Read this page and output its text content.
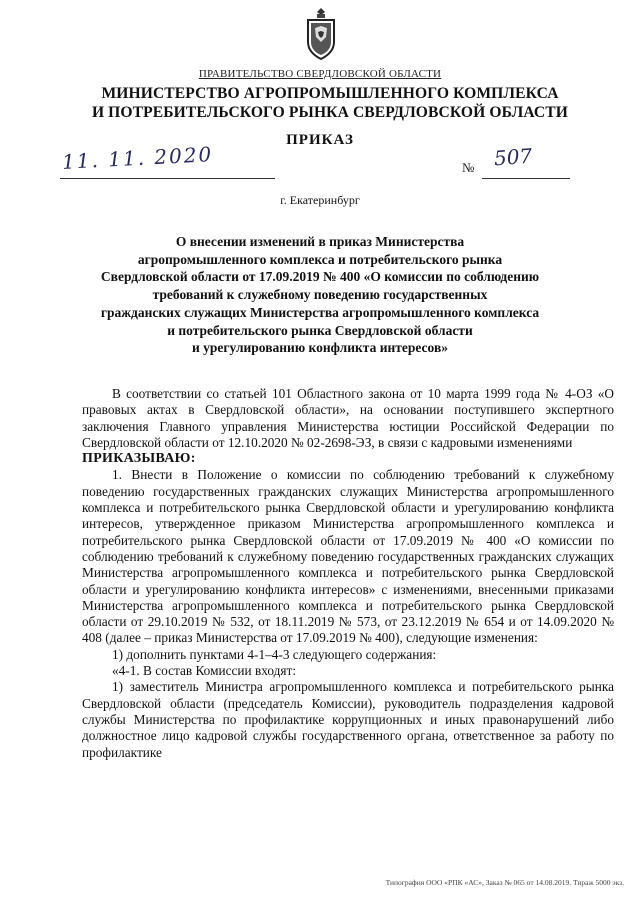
ПРАВИТЕЛЬСТВО СВЕРДЛОВСКОЙ ОБЛАСТИ
МИНИСТЕРСТВО АГРОПРОМЫШЛЕННОГО КОМПЛЕКСА
И ПОТРЕБИТЕЛЬСКОГО РЫНКА СВЕРДЛОВСКОЙ ОБЛАСТИ
ПРИКАЗ
11. 11. 2020	№ 507
г. Екатеринбург
О внесении изменений в приказ Министерства
агропромышленного комплекса и потребительского рынка
Свердловской области от 17.09.2019 № 400 «О комиссии по соблюдению
требований к служебному поведению государственных
гражданских служащих Министерства агропромышленного комплекса
и потребительского рынка Свердловской области
и урегулированию конфликта интересов»

В соответствии со статьей 101 Областного закона от 10 марта 1999 года № 4-ОЗ «О правовых актах в Свердловской области», на основании поступившего экспертного заключения Главного управления Министерства юстиции Российской Федерации по Свердловской области от 12.10.2020 № 02-2698-ЭЗ, в связи с кадровыми изменениями

ПРИКАЗЫВАЮ:

1. Внести в Положение о комиссии по соблюдению требований к служебному поведению государственных гражданских служащих Министерства агропромышленного комплекса и потребительского рынка Свердловской области и урегулированию конфликта интересов, утвержденное приказом Министерства агропромышленного комплекса и потребительского рынка Свердловской области от 17.09.2019 № 400 «О комиссии по соблюдению требований к служебному поведению государственных гражданских служащих Министерства агропромышленного комплекса и потребительского рынка Свердловской области и урегулированию конфликта интересов» с изменениями, внесенными приказами Министерства агропромышленного комплекса и потребительского рынка Свердловской области от 29.10.2019 № 532, от 18.11.2019 № 573, от 23.12.2019 № 654 и от 14.09.2020 № 408 (далее – приказ Министерства от 17.09.2019 № 400), следующие изменения:

1) дополнить пунктами 4-1–4-3 следующего содержания:

«4-1. В состав Комиссии входят:

1) заместитель Министра агропромышленного комплекса и потребительского рынка Свердловской области (председатель Комиссии), руководитель подразделения кадровой службы Министерства по профилактике коррупционных и иных правонарушений либо должностное лицо кадровой службы государственного органа, ответственное за работу по профилактике

Типография ООО «РПК «АС», Заказ № 065 от 14.08.2019. Тираж 5000 экз.
